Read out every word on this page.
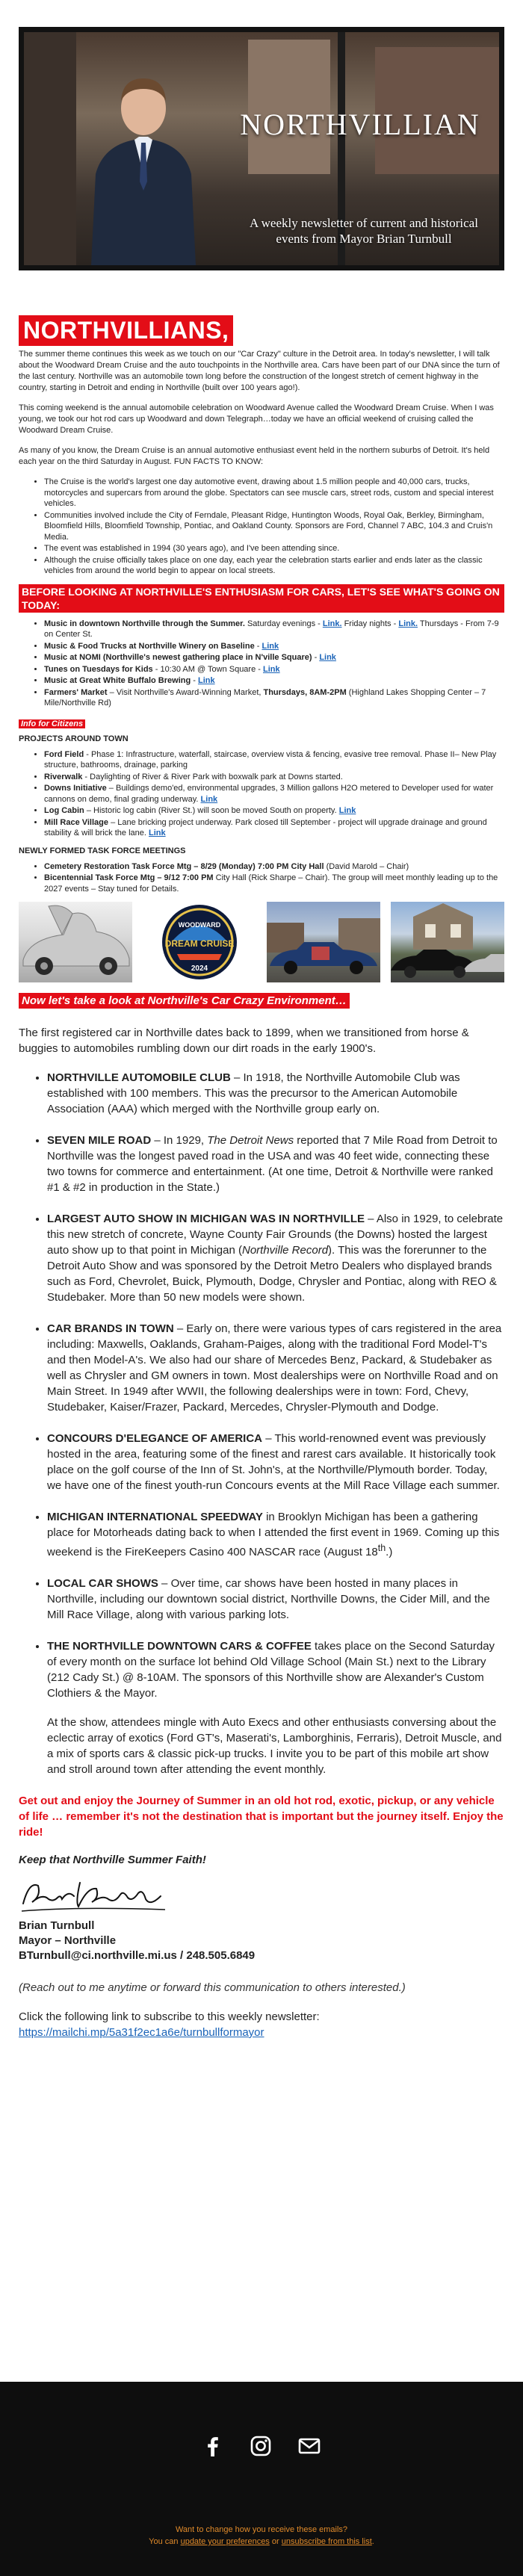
NORTHVILLIAN
A weekly newsletter of current and historical events from Mayor Brian Turnbull
NORTHVILLIANS,

The summer theme continues this week as we touch on our "Car Crazy" culture in the Detroit area. In today's newsletter, I will talk about the Woodward Dream Cruise and the auto touchpoints in the Northville area. Cars have been part of our DNA since the turn of the last century. Northville was an automobile town long before the construction of the longest stretch of cement highway in the country, starting in Detroit and ending in Northville (built over 100 years ago!).

This coming weekend is the annual automobile celebration on Woodward Avenue called the Woodward Dream Cruise. When I was young, we took our hot rod cars up Woodward and down Telegraph…today we have an official weekend of cruising called the Woodward Dream Cruise.

As many of you know, the Dream Cruise is an annual automotive enthusiast event held in the northern suburbs of Detroit. It's held each year on the third Saturday in August. FUN FACTS TO KNOW:

• The Cruise is the world's largest one day automotive event, drawing about 1.5 million people and 40,000 cars, trucks, motorcycles and supercars from around the globe. Spectators can see muscle cars, street rods, custom and special interest vehicles.
• Communities involved include the City of Ferndale, Pleasant Ridge, Huntington Woods, Royal Oak, Berkley, Birmingham, Bloomfield Hills, Bloomfield Township, Pontiac, and Oakland County. Sponsors are Ford, Channel 7 ABC, 104.3 and Cruis'n Media.
• The event was established in 1994 (30 years ago), and I've been attending since.
• Although the cruise officially takes place on one day, each year the celebration starts earlier and ends later as the classic vehicles from around the world begin to appear on local streets.
BEFORE LOOKING AT NORTHVILLE'S ENTHUSIASM FOR CARS, LET'S SEE WHAT'S GOING ON TODAY:
• Music in downtown Northville through the Summer. Saturday evenings - Link. Friday nights - Link. Thursdays - From 7-9 on Center St.
• Music & Food Trucks at Northville Winery on Baseline - Link
• Music at NOMI (Northville's newest gathering place in N'ville Square) - Link
• Tunes on Tuesdays for Kids - 10:30 AM @ Town Square - Link
• Music at Great White Buffalo Brewing - Link
• Farmers' Market – Visit Northville's Award-Winning Market, Thursdays, 8AM-2PM (Highland Lakes Shopping Center – 7 Mile/Northville Rd)
Info for Citizens
PROJECTS AROUND TOWN
• Ford Field - Phase 1: Infrastructure, waterfall, staircase, overview vista & fencing, evasive tree removal. Phase II– New Play structure, bathrooms, drainage, parking
• Riverwalk - Daylighting of River & River Park with boxwalk park at Downs started.
• Downs Initiative – Buildings demo'ed, environmental upgrades, 3 Million gallons H2O metered to Developer used for water cannons on demo, final grading underway. Link
• Log Cabin – Historic log cabin (River St.) will soon be moved South on property. Link
• Mill Race Village – Lane bricking project underway. Park closed till September - project will upgrade drainage and ground stability & will brick the lane. Link
NEWLY FORMED TASK FORCE MEETINGS
• Cemetery Restoration Task Force Mtg – 8/29 (Monday) 7:00 PM City Hall (David Marold – Chair)
• Bicentennial Task Force Mtg – 9/12 7:00 PM City Hall (Rick Sharpe – Chair). The group will meet monthly leading up to the 2027 events – Stay tuned for Details.
WOODWARD
DREAM CRUISE
2024
Now let's take a look at Northville's Car Crazy Environment…

The first registered car in Northville dates back to 1899, when we transitioned from horse & buggies to automobiles rumbling down our dirt roads in the early 1900's.

• NORTHVILLE AUTOMOBILE CLUB – In 1918, the Northville Automobile Club was established with 100 members. This was the precursor to the American Automobile Association (AAA) which merged with the Northville group early on.
• SEVEN MILE ROAD – In 1929, The Detroit News reported that 7 Mile Road from Detroit to Northville was the longest paved road in the USA and was 40 feet wide, connecting these two towns for commerce and entertainment. (At one time, Detroit & Northville were ranked #1 & #2 in production in the State.)
• LARGEST AUTO SHOW IN MICHIGAN WAS IN NORTHVILLE – Also in 1929, to celebrate this new stretch of concrete, Wayne County Fair Grounds (the Downs) hosted the largest auto show up to that point in Michigan (Northville Record). This was the forerunner to the Detroit Auto Show and was sponsored by the Detroit Metro Dealers who displayed brands such as Ford, Chevrolet, Buick, Plymouth, Dodge, Chrysler and Pontiac, along with REO & Studebaker. More than 50 new models were shown.
• CAR BRANDS IN TOWN – Early on, there were various types of cars registered in the area including: Maxwells, Oaklands, Graham-Paiges, along with the traditional Ford Model-T's and then Model-A's. We also had our share of Mercedes Benz, Packard, & Studebaker as well as Chrysler and GM owners in town. Most dealerships were on Northville Road and on Main Street. In 1949 after WWII, the following dealerships were in town: Ford, Chevy, Studebaker, Kaiser/Frazer, Packard, Mercedes, Chrysler-Plymouth and Dodge.
• CONCOURS D'ELEGANCE OF AMERICA – This world-renowned event was previously hosted in the area, featuring some of the finest and rarest cars available. It historically took place on the golf course of the Inn of St. John's, at the Northville/Plymouth border. Today, we have one of the finest youth-run Concours events at the Mill Race Village each summer.
• MICHIGAN INTERNATIONAL SPEEDWAY in Brooklyn Michigan has been a gathering place for Motorheads dating back to when I attended the first event in 1969. Coming up this weekend is the FireKeepers Casino 400 NASCAR race (August 18th.)
• LOCAL CAR SHOWS – Over time, car shows have been hosted in many places in Northville, including our downtown social district, Northville Downs, the Cider Mill, and the Mill Race Village, along with various parking lots.
• THE NORTHVILLE DOWNTOWN CARS & COFFEE takes place on the Second Saturday of every month on the surface lot behind Old Village School (Main St.) next to the Library (212 Cady St.) @ 8-10AM. The sponsors of this Northville show are Alexander's Custom Clothiers & the Mayor.

At the show, attendees mingle with Auto Execs and other enthusiasts conversing about the eclectic array of exotics (Ford GT's, Maserati's, Lamborghinis, Ferraris), Detroit Muscle, and a mix of sports cars & classic pick-up trucks. I invite you to be part of this mobile art show and stroll around town after attending the event monthly.

Get out and enjoy the Journey of Summer in an old hot rod, exotic, pickup, or any vehicle of life … remember it's not the destination that is important but the journey itself. Enjoy the ride!

Keep that Northville Summer Faith!

Brian Turnbull
Mayor – Northville
BTurnbull@ci.northville.mi.us / 248.505.6849

(Reach out to me anytime or forward this communication to others interested.)

Click the following link to subscribe to this weekly newsletter:
https://mailchi.mp/5a31f2ec1a6e/turnbullformayor

Want to change how you receive these emails?
You can update your preferences or unsubscribe from this list.
